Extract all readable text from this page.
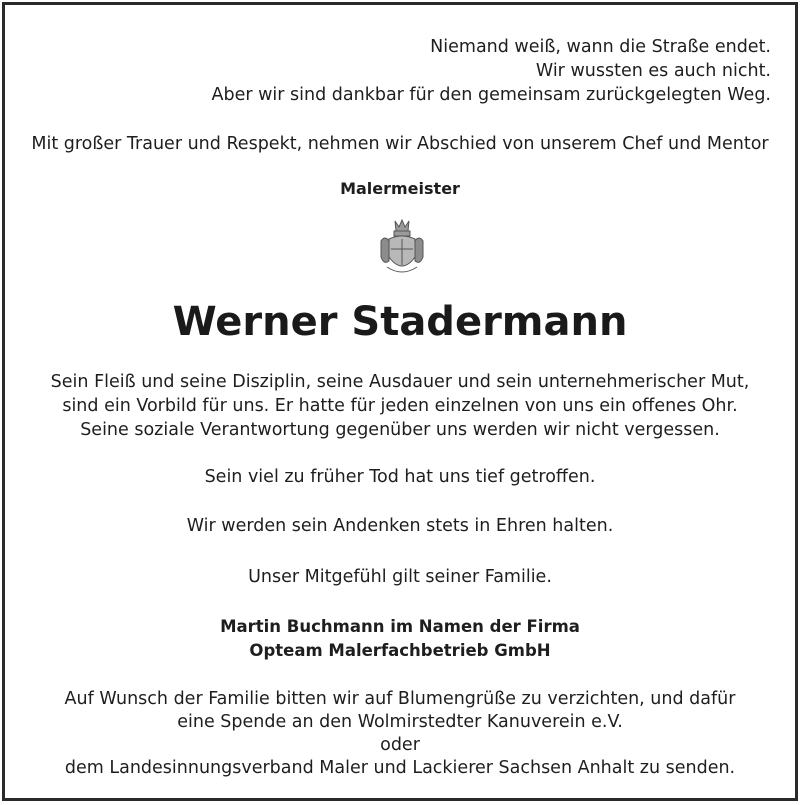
Niemand weiß, wann die Straße endet.
Wir wussten es auch nicht.
Aber wir sind dankbar für den gemeinsam zurückgelegten Weg.
Mit großer Trauer und Respekt, nehmen wir Abschied von unserem Chef und Mentor
Malermeister
Werner Stadermann
Sein Fleiß und seine Disziplin, seine Ausdauer und sein unternehmerischer Mut,
sind ein Vorbild für uns. Er hatte für jeden einzelnen von uns ein offenes Ohr.
Seine soziale Verantwortung gegenüber uns werden wir nicht vergessen.
Sein viel zu früher Tod hat uns tief getroffen.
Wir werden sein Andenken stets in Ehren halten.
Unser Mitgefühl gilt seiner Familie.
Martin Buchmann im Namen der Firma
Opteam Malerfachbetrieb GmbH
Auf Wunsch der Familie bitten wir auf Blumengrüße zu verzichten, und dafür
eine Spende an den Wolmirstedter Kanuverein e.V.
oder
dem Landesinnungsverband Maler und Lackierer Sachsen Anhalt zu senden.
